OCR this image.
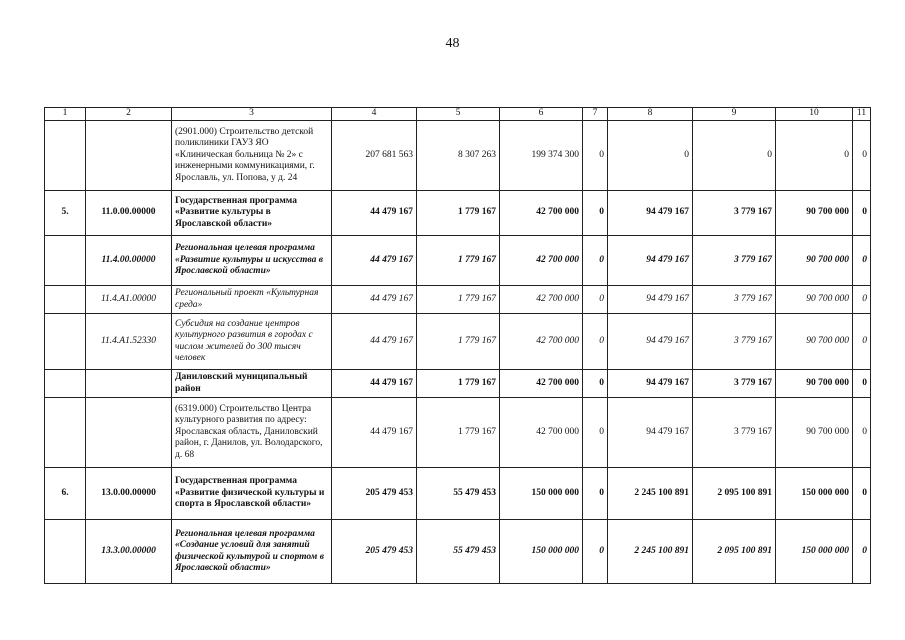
48
1	2	3	4	5	6	7	8	9	10	11
		(2901.000) Строительство детской поликлиники ГАУЗ ЯО «Клиническая больница № 2» с инженерными коммуникациями, г. Ярославль, ул. Попова, у д. 24	207 681 563	8 307 263	199 374 300	0	0	0	0	0
5.	11.0.00.00000	Государственная программа «Развитие культуры в Ярославской области»	44 479 167	1 779 167	42 700 000	0	94 479 167	3 779 167	90 700 000	0
	11.4.00.00000	Региональная целевая программа «Развитие культуры и искусства в Ярославской области»	44 479 167	1 779 167	42 700 000	0	94 479 167	3 779 167	90 700 000	0
	11.4.A1.00000	Региональный проект «Культурная среда»	44 479 167	1 779 167	42 700 000	0	94 479 167	3 779 167	90 700 000	0
	11.4.A1.52330	Субсидия на создание центров культурного развития в городах с числом жителей до 300 тысяч человек	44 479 167	1 779 167	42 700 000	0	94 479 167	3 779 167	90 700 000	0
		Даниловский муниципальный район	44 479 167	1 779 167	42 700 000	0	94 479 167	3 779 167	90 700 000	0
		(6319.000) Строительство Центра культурного развития по адресу: Ярославская область, Даниловский район, г. Данилов, ул. Володарского, д. 68	44 479 167	1 779 167	42 700 000	0	94 479 167	3 779 167	90 700 000	0
6.	13.0.00.00000	Государственная программа «Развитие физической культуры и спорта в Ярославской области»	205 479 453	55 479 453	150 000 000	0	2 245 100 891	2 095 100 891	150 000 000	0
	13.3.00.00000	Региональная целевая программа «Создание условий для занятий физической культурой и спортом в Ярославской области»	205 479 453	55 479 453	150 000 000	0	2 245 100 891	2 095 100 891	150 000 000	0
